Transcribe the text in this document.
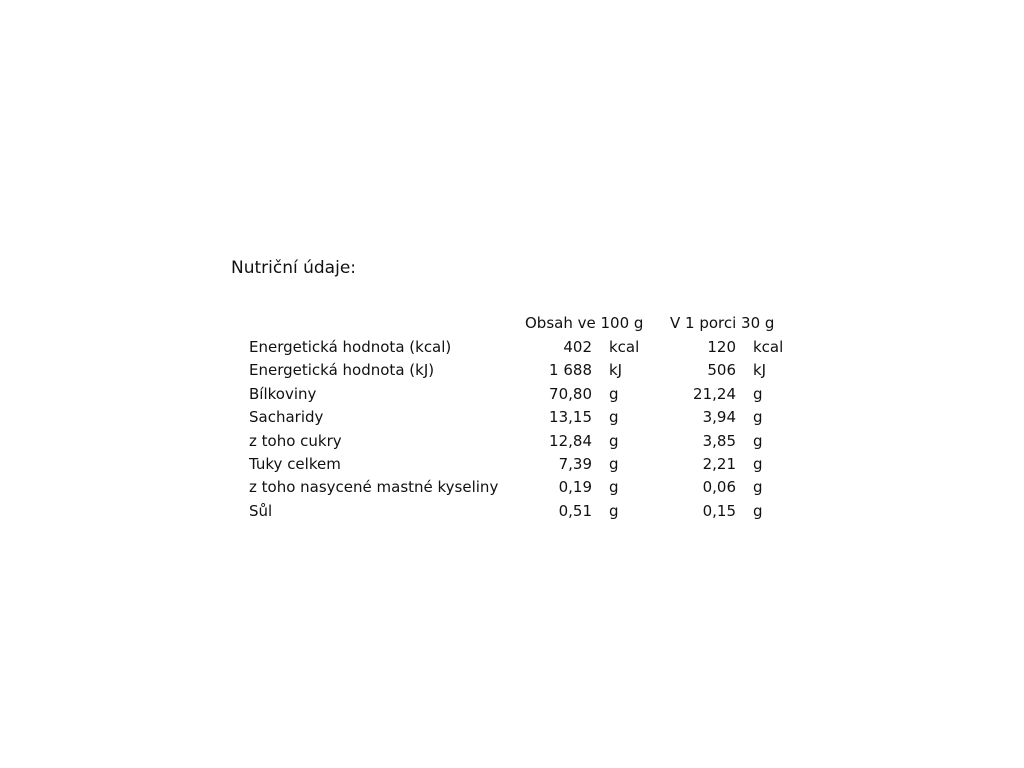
Nutriční údaje:
Obsah ve 100 g V 1 porci 30 g
Energetická hodnota (kcal)	402 kcal	120 kcal
Energetická hodnota (kJ)	1 688 kJ	506 kJ
Bílkoviny	70,80 g	21,24 g
Sacharidy	13,15 g	3,94 g
z toho cukry	12,84 g	3,85 g
Tuky celkem	7,39 g	2,21 g
z toho nasycené mastné kyseliny	0,19 g	0,06 g
Sůl	0,51 g	0,15 g
